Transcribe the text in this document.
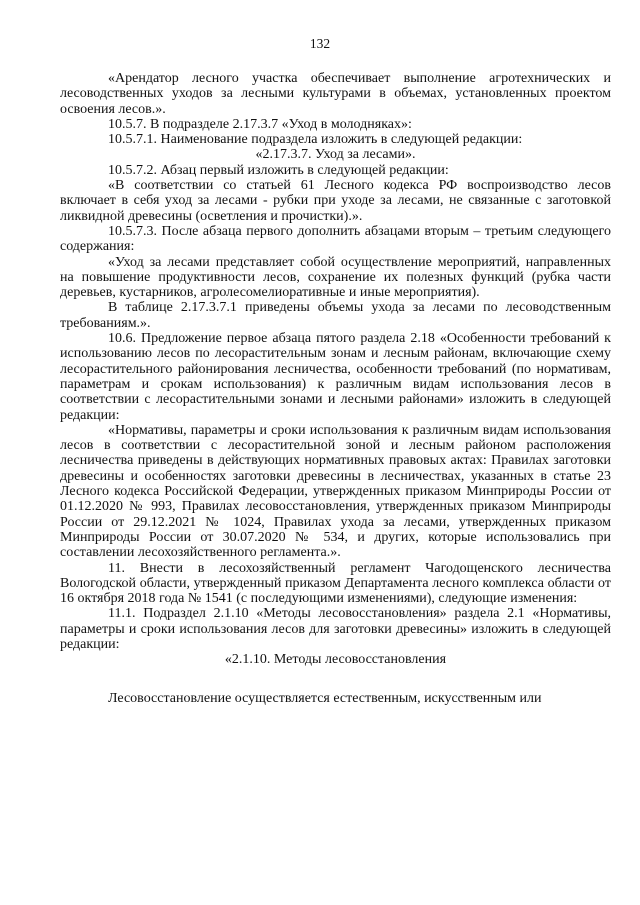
132

«Арендатор лесного участка обеспечивает выполнение агротехнических и лесоводственных уходов за лесными культурами в объемах, установленных проектом освоения лесов.».

10.5.7. В подразделе 2.17.3.7 «Уход в молодняках»:

10.5.7.1. Наименование подраздела изложить в следующей редакции:

«2.17.3.7. Уход за лесами».

10.5.7.2. Абзац первый изложить в следующей редакции:

«В соответствии со статьей 61 Лесного кодекса РФ воспроизводство лесов включает в себя уход за лесами - рубки при уходе за лесами, не связанные с заготовкой ликвидной древесины (осветления и прочистки).».

10.5.7.3. После абзаца первого дополнить абзацами вторым – третьим следующего содержания:

«Уход за лесами представляет собой осуществление мероприятий, направленных на повышение продуктивности лесов, сохранение их полезных функций (рубка части деревьев, кустарников, агролесомелиоративные и иные мероприятия).

В таблице 2.17.3.7.1 приведены объемы ухода за лесами по лесоводственным требованиям.».

10.6. Предложение первое абзаца пятого раздела 2.18 «Особенности требований к использованию лесов по лесорастительным зонам и лесным районам, включающие схему лесорастительного районирования лесничества, особенности требований (по нормативам, параметрам и срокам использования) к различным видам использования лесов в соответствии с лесорастительными зонами и лесными районами» изложить в следующей редакции:

«Нормативы, параметры и сроки использования к различным видам использования лесов в соответствии с лесорастительной зоной и лесным районом расположения лесничества приведены в действующих нормативных правовых актах: Правилах заготовки древесины и особенностях заготовки древесины в лесничествах, указанных в статье 23 Лесного кодекса Российской Федерации, утвержденных приказом Минприроды России от 01.12.2020 № 993, Правилах лесовосстановления, утвержденных приказом Минприроды России от 29.12.2021 № 1024, Правилах ухода за лесами, утвержденных приказом Минприроды России от 30.07.2020 № 534, и других, которые использовались при составлении лесохозяйственного регламента.».

11. Внести в лесохозяйственный регламент Чагодощенского лесничества Вологодской области, утвержденный приказом Департамента лесного комплекса области от 16 октября 2018 года № 1541 (с последующими изменениями), следующие изменения:

11.1. Подраздел 2.1.10 «Методы лесовосстановления» раздела 2.1 «Нормативы, параметры и сроки использования лесов для заготовки древесины» изложить в следующей редакции:

«2.1.10. Методы лесовосстановления

Лесовосстановление осуществляется естественным, искусственным или
